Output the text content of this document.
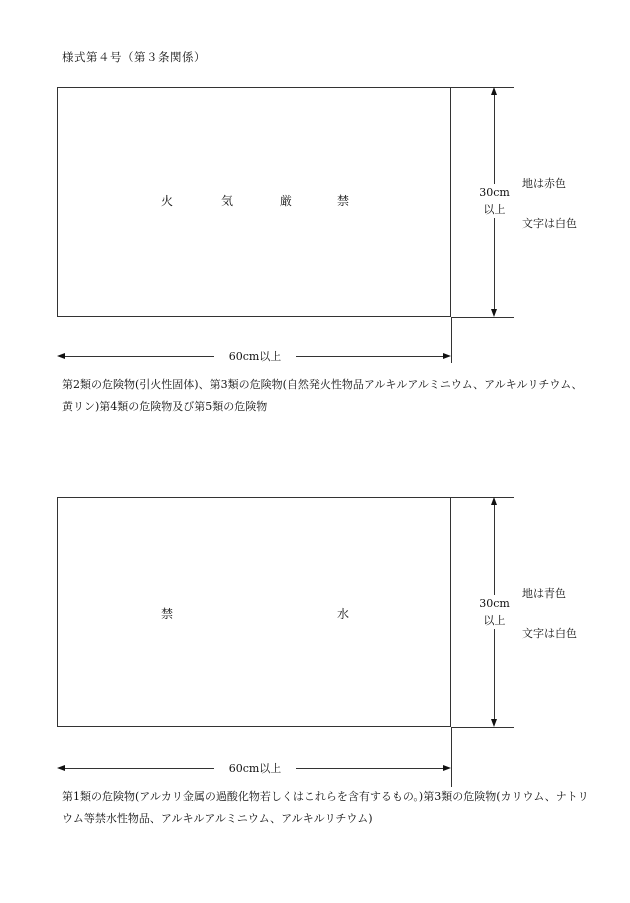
様式第４号（第３条関係）
火	気	厳	禁
30cm
以上
地は赤色
文字は白色
60cm以上
第2類の危険物(引火性固体)、第3類の危険物(自然発火性物品アルキルアルミニウム、アルキルリチウム、黄リン)第4類の危険物及び第5類の危険物
禁	水
30cm
以上
地は青色
文字は白色
60cm以上
第1類の危険物(アルカリ金属の過酸化物若しくはこれらを含有するもの。)第3類の危険物(カリウム、ナトリウム等禁水性物品、アルキルアルミニウム、アルキルリチウム)
